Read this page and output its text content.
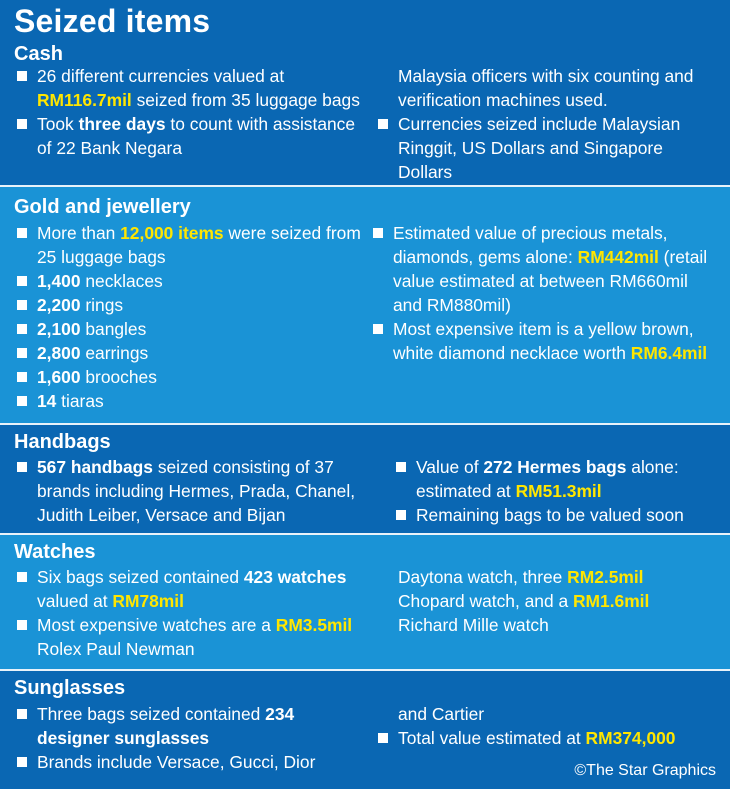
Seized items
Cash
26 different currencies valued at RM116.7mil seized from 35 luggage bags
Took three days to count with assistance of 22 Bank Negara
Malaysia officers with six counting and verification machines used.
Currencies seized include Malaysian Ringgit, US Dollars and Singapore Dollars
Gold and jewellery
More than 12,000 items were seized from 25 luggage bags
1,400 necklaces
2,200 rings
2,100 bangles
2,800 earrings
1,600 brooches
14 tiaras
Estimated value of precious metals, diamonds, gems alone: RM442mil (retail value estimated at between RM660mil and RM880mil)
Most expensive item is a yellow brown, white diamond necklace worth RM6.4mil
Handbags
567 handbags seized consisting of 37 brands including Hermes, Prada, Chanel, Judith Leiber, Versace and Bijan
Value of 272 Hermes bags alone: estimated at RM51.3mil
Remaining bags to be valued soon
Watches
Six bags seized contained 423 watches valued at RM78mil
Most expensive watches are a RM3.5mil Rolex Paul Newman
Daytona watch, three RM2.5mil Chopard watch, and a RM1.6mil Richard Mille watch
Sunglasses
Three bags seized contained 234 designer sunglasses
Brands include Versace, Gucci, Dior
and Cartier
Total value estimated at RM374,000
©The Star Graphics
